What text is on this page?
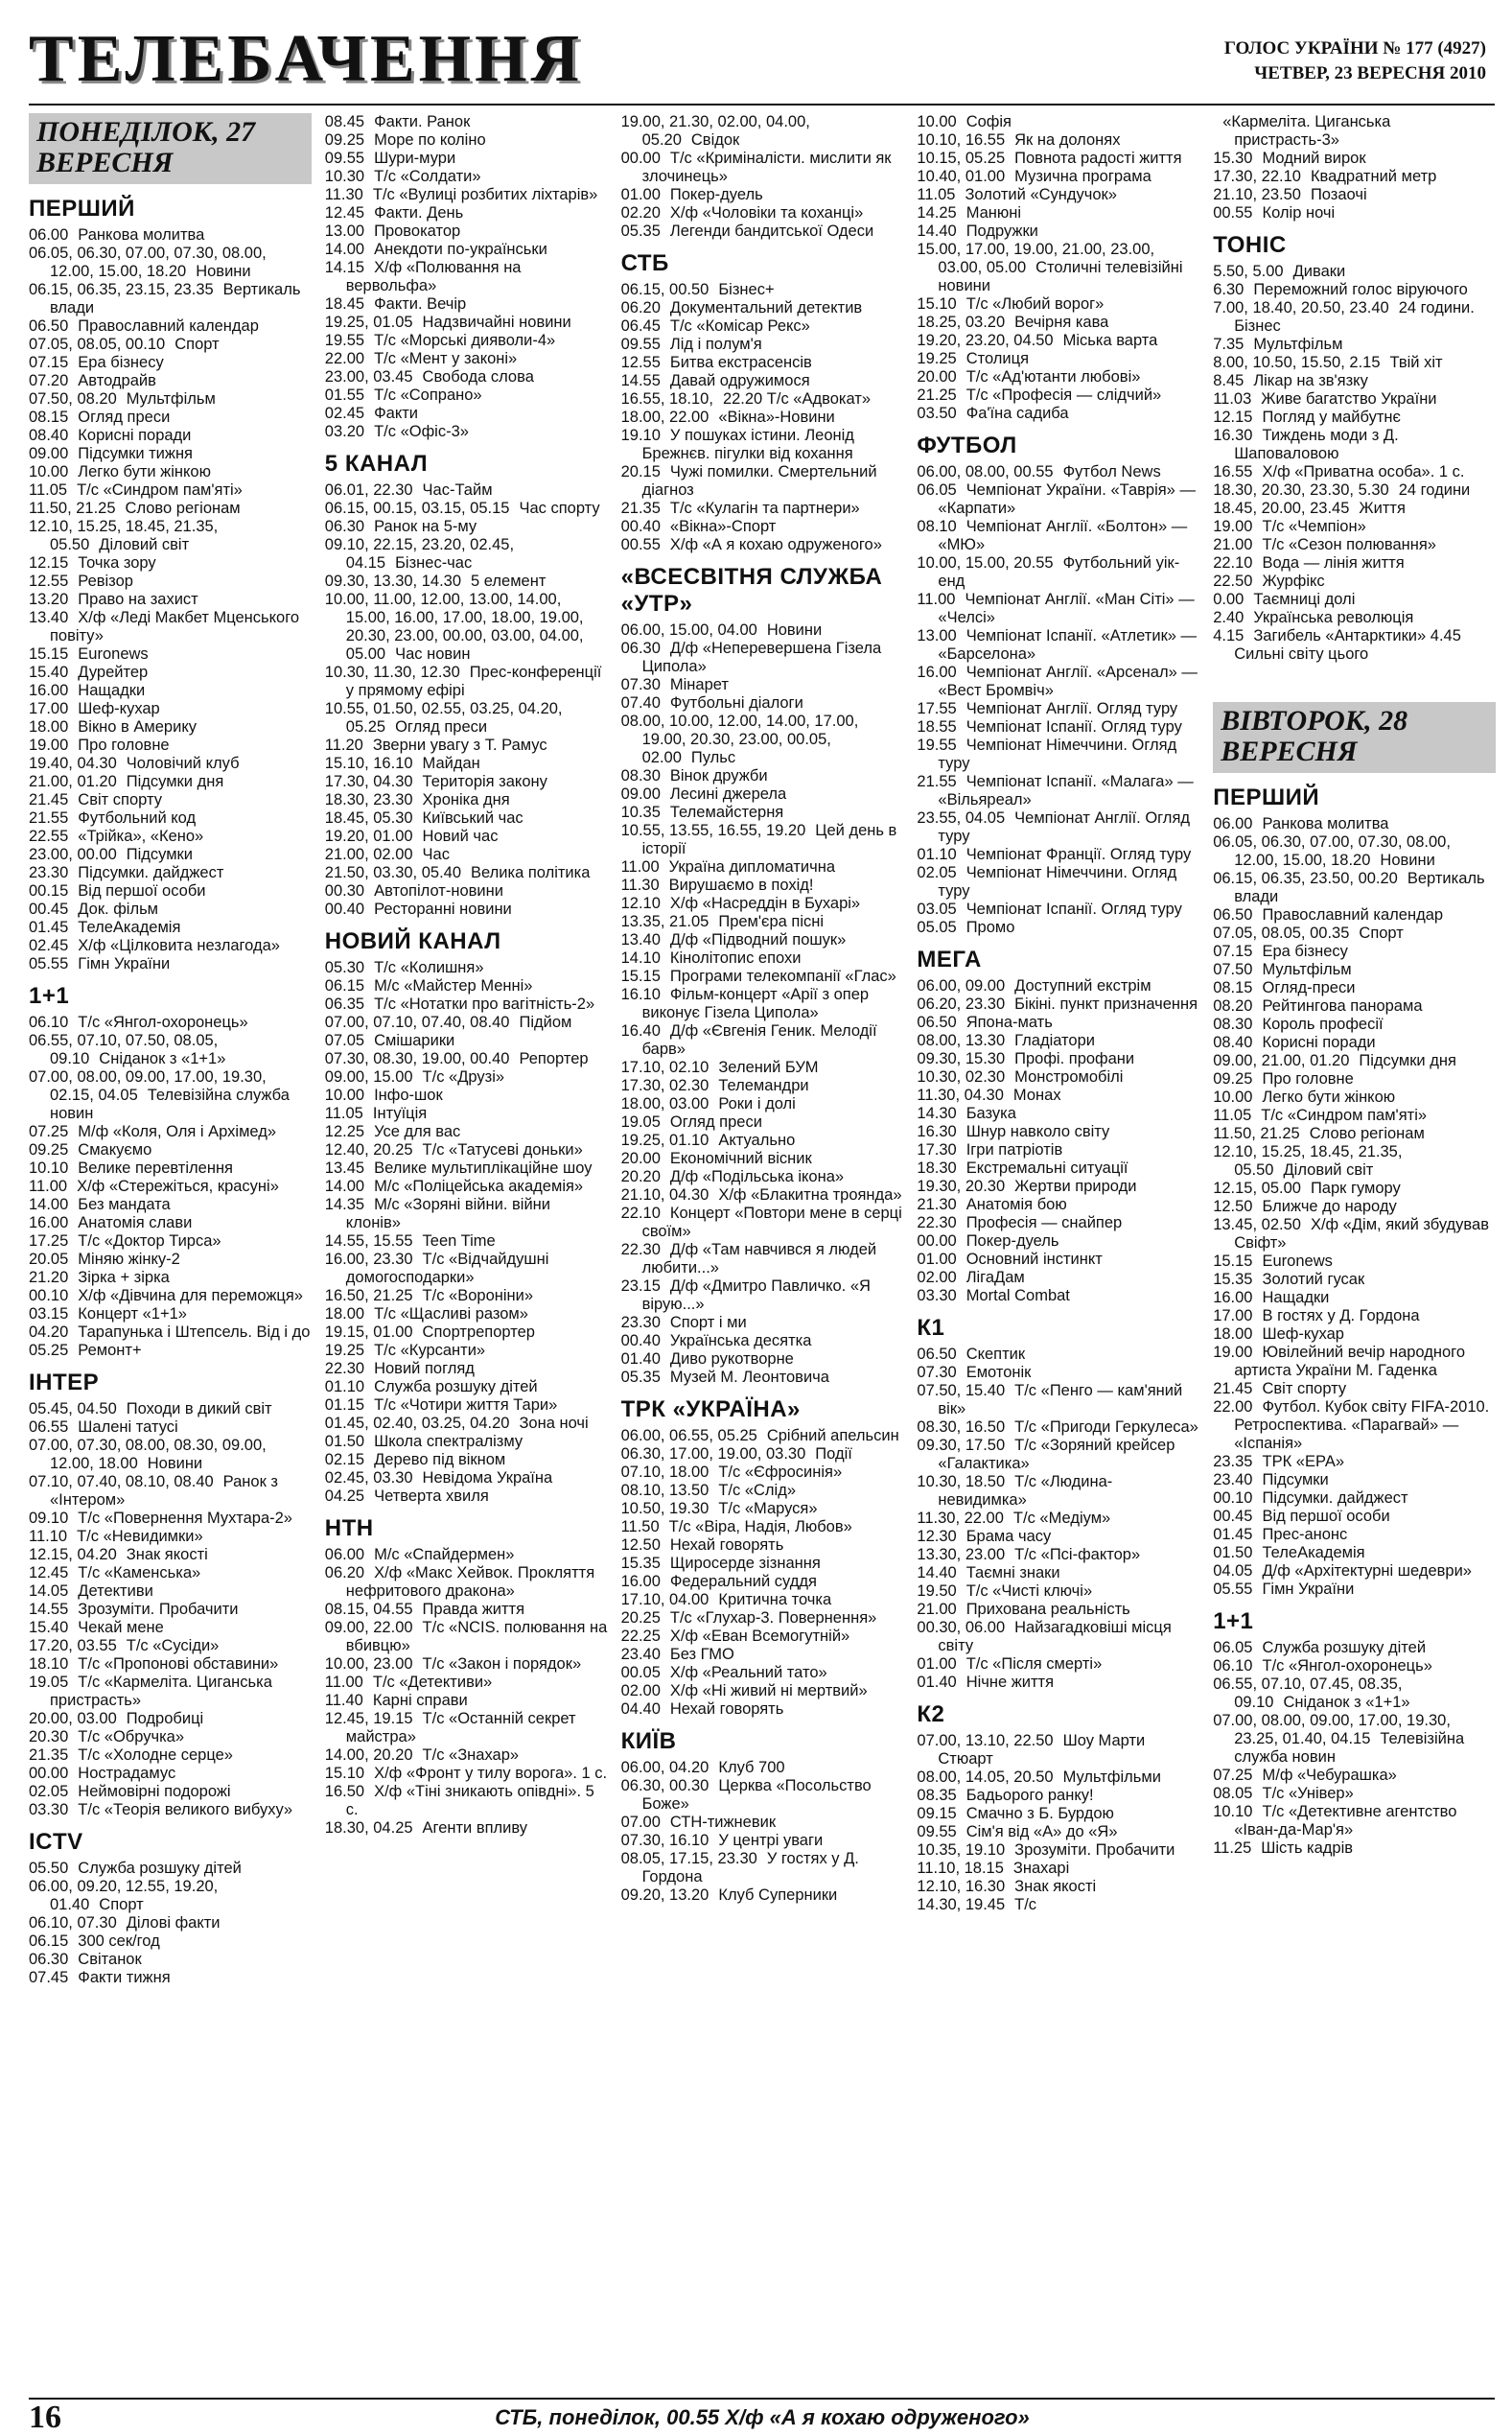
ТЕЛЕБАЧЕННЯ	ГОЛОС УКРАЇНИ № 177 (4927)
ЧЕТВЕР, 23 ВЕРЕСНЯ 2010
ПОНЕДІЛОК, 27 ВЕРЕСНЯ
ПЕРШИЙ

06.00 Ранкова молитва

06.05, 06.30, 07.00, 07.30, 08.00, 12.00, 15.00, 18.20 Новини

06.15, 06.35, 23.15, 23.35 Вертикаль влади

06.50 Православний календар

07.05, 08.05, 00.10 Спорт

07.15 Ера бізнесу

07.20 Автодрайв

07.50, 08.20 Мультфільм

08.15 Огляд преси

08.40 Корисні поради

09.00 Підсумки тижня

10.00 Легко бути жінкою

11.05 Т/с «Синдром пам'яті»

11.50, 21.25 Слово регіонам

12.10, 15.25, 18.45, 21.35, 05.50 Діловий світ

12.15 Точка зору

12.55 Ревізор

13.20 Право на захист

13.40 Х/ф «Леді Макбет Мценського повіту»

15.15 Euronews

15.40 Дурейтер

16.00 Нащадки

17.00 Шеф-кухар

18.00 Вікно в Америку

19.00 Про головне

19.40, 04.30 Чоловічий клуб

21.00, 01.20 Підсумки дня

21.45 Світ спорту

21.55 Футбольний код

22.55 «Трійка», «Кено»

23.00, 00.00 Підсумки

23.30 Підсумки. дайджест

00.15 Від першої особи

00.45 Док. фільм

01.45 ТелеАкадемія

02.45 Х/ф «Цілковита незлагода»

05.55 Гімн України

1+1

06.10 Т/с «Янгол-охоронець»

06.55, 07.10, 07.50, 08.05, 09.10 Сніданок з «1+1»

07.00, 08.00, 09.00, 17.00, 19.30, 02.15, 04.05 Телевізійна служба новин

07.25 М/ф «Коля, Оля і Архімед»

09.25 Смакуємо

10.10 Велике перевтілення

11.00 Х/ф «Стережіться, красуні»

14.00 Без мандата

16.00 Анатомія слави

17.25 Т/с «Доктор Тирса»

20.05 Міняю жінку-2

21.20 Зірка + зірка

00.10 Х/ф «Дівчина для переможця»

03.15 Концерт «1+1»

04.20 Тарапунька і Штепсель. Від і до

05.25 Ремонт+

ІНТЕР

05.45, 04.50 Походи в дикий світ

06.55 Шалені татусі

07.00, 07.30, 08.00, 08.30, 09.00, 12.00, 18.00 Новини

07.10, 07.40, 08.10, 08.40 Ранок з «Інтером»

09.10 Т/с «Повернення Мухтара-2»

11.10 Т/с «Невидимки»

12.15, 04.20 Знак якості

12.45 Т/с «Каменська»

14.05 Детективи

14.55 Зрозуміти. Пробачити

15.40 Чекай мене

17.20, 03.55 Т/с «Сусіди»

18.10 Т/с «Пропонові обставини»

19.05 Т/с «Кармеліта. Циганська пристрасть»

20.00, 03.00 Подробиці

20.30 Т/с «Обручка»

21.35 Т/с «Холодне серце»

00.00 Нострадамус

02.05 Неймовірні подорожі

03.30 Т/с «Теорія великого вибуху»

ICTV

05.50 Служба розшуку дітей

06.00, 09.20, 12.55, 19.20, 01.40 Спорт

06.10, 07.30 Ділові факти

06.15 300 сек/год

06.30 Світанок

07.45 Факти тижня

08.45 Факти. Ранок

09.25 Море по коліно

09.55 Шури-мури

10.30 Т/с «Солдати»

11.30 Т/с «Вулиці розбитих ліхтарів»

12.45 Факти. День

13.00 Провокатор

14.00 Анекдоти по-українськи

14.15 Х/ф «Полювання на вервольфа»

18.45 Факти. Вечір

19.25, 01.05 Надзвичайні новини

19.55 Т/с «Морські дияволи-4»

22.00 Т/с «Мент у законі»

23.00, 03.45 Свобода слова

01.55 Т/с «Сопрано»

02.45 Факти

03.20 Т/с «Офіс-3»

5 КАНАЛ

06.01, 22.30 Час-Тайм

06.15, 00.15, 03.15, 05.15 Час спорту

06.30 Ранок на 5-му

09.10, 22.15, 23.20, 02.45, 04.15 Бізнес-час

09.30, 13.30, 14.30 5 елемент

10.00, 11.00, 12.00, 13.00, 14.00, 15.00, 16.00, 17.00, 18.00, 19.00, 20.30, 23.00, 00.00, 03.00, 04.00, 05.00 Час новин

10.30, 11.30, 12.30 Прес-конференції у прямому ефірі

10.55, 01.50, 02.55, 03.25, 04.20, 05.25 Огляд преси

11.20 Зверни увагу з Т. Рамус

15.10, 16.10 Майдан

17.30, 04.30 Територія закону

18.30, 23.30 Хроніка дня

18.45, 05.30 Київський час

19.20, 01.00 Новий час

21.00, 02.00 Час

21.50, 03.30, 05.40 Велика політика

00.30 Автопілот-новини

00.40 Ресторанні новини

НОВИЙ КАНАЛ

05.30 Т/с «Колишня»

06.15 М/с «Майстер Менні»

06.35 Т/с «Нотатки про вагітність-2»

07.00, 07.10, 07.40, 08.40 Підйом

07.05 Смішарики

07.30, 08.30, 19.00, 00.40 Репортер

09.00, 15.00 Т/с «Друзі»

10.00 Інфо-шок

11.05 Інтуїція

12.25 Усе для вас

12.40, 20.25 Т/с «Татусеві доньки»

13.45 Велике мультиплікаційне шоу

14.00 М/с «Поліцейська академія»

14.35 М/с «Зоряні війни. війни клонів»

14.55, 15.55 Teen Time

16.00, 23.30 Т/с «Відчайдушні домогосподарки»

16.50, 21.25 Т/с «Вороніни»

18.00 Т/с «Щасливі разом»

19.15, 01.00 Спортрепортер

19.25 Т/с «Курсанти»

22.30 Новий погляд

01.10 Служба розшуку дітей

01.15 Т/с «Чотири життя Тари»

01.45, 02.40, 03.25, 04.20 Зона ночі

01.50 Школа спектралізму

02.15 Дерево під вікном

02.45, 03.30 Невідома Україна

04.25 Четверта хвиля

НТН

06.00 М/с «Спайдермен»

06.20 Х/ф «Макс Хейвок. Прокляття нефритового дракона»

08.15, 04.55 Правда життя

09.00, 22.00 Т/с «NCIS. полювання на вбивцю»

10.00, 23.00 Т/с «Закон і порядок»

11.00 Т/с «Детективи»

11.40 Карні справи

12.45, 19.15 Т/с «Останній секрет майстра»

14.00, 20.20 Т/с «Знахар»

15.10 Х/ф «Фронт у тилу ворога». 1 с.

16.50 Х/ф «Тіні зникають опівдні». 5 с.

18.30, 04.25 Агенти впливу

19.00, 21.30, 02.00, 04.00, 05.20 Свідок

00.00 Т/с «Криміналісти. мислити як злочинець»

01.00 Покер-дуель

02.20 Х/ф «Чоловіки та коханці»

05.35 Легенди бандитської Одеси

СТБ

06.15, 00.50 Бізнес+

06.20 Документальний детектив

06.45 Т/с «Комісар Рекс»

09.55 Лід і полум'я

12.55 Битва екстрасенсів

14.55 Давай одружимося

16.55, 18.10, 22.20 Т/с «Адвокат»

18.00, 22.00 «Вікна»-Новини

19.10 У пошуках істини. Леонід Брежнєв. пігулки від кохання

20.15 Чужі помилки. Смертельний діагноз

21.35 Т/с «Кулагін та партнери»

00.40 «Вікна»-Спорт

00.55 Х/ф «А я кохаю одруженого»

«ВСЕСВІТНЯ СЛУЖБА «УТР»

06.00, 15.00, 04.00 Новини

06.30 Д/ф «Неперевершена Гізела Ципола»

07.30 Мінарет

07.40 Футбольні діалоги

08.00, 10.00, 12.00, 14.00, 17.00, 19.00, 20.30, 23.00, 00.05, 02.00 Пульс

08.30 Вінок дружби

09.00 Лесині джерела

10.35 Телемайстерня

10.55, 13.55, 16.55, 19.20 Цей день в історії

11.00 Україна дипломатична

11.30 Вирушаємо в похід!

12.10 Х/ф «Насреддін в Бухарі»

13.35, 21.05 Прем'єра пісні

13.40 Д/ф «Підводний пошук»

14.10 Кінолітопис епохи

15.15 Програми телекомпанії «Глас»

16.10 Фільм-концерт «Арії з опер виконує Гізела Ципола»

16.40 Д/ф «Євгенія Геник. Мелодії барв»

17.10, 02.10 Зелений БУМ

17.30, 02.30 Телемандри

18.00, 03.00 Роки і долі

19.05 Огляд преси

19.25, 01.10 Актуально

20.00 Економічний вісник

20.20 Д/ф «Подільська ікона»

21.10, 04.30 Х/ф «Блакитна троянда»

22.10 Концерт «Повтори мене в серці своїм»

22.30 Д/ф «Там навчився я людей любити...»

23.15 Д/ф «Дмитро Павличко. «Я вірую...»

23.30 Спорт і ми

00.40 Українська десятка

01.40 Диво рукотворне

05.35 Музей М. Леонтовича

ТРК «УКРАЇНА»

06.00, 06.55, 05.25 Срібний апельсин

06.30, 17.00, 19.00, 03.30 Події

07.10, 18.00 Т/с «Єфросинія»

08.10, 13.50 Т/с «Слід»

10.50, 19.30 Т/с «Маруся»

11.50 Т/с «Віра, Надія, Любов»

12.50 Нехай говорять

15.35 Щиросерде зізнання

16.00 Федеральний суддя

17.10, 04.00 Критична точка

20.25 Т/с «Глухар-3. Повернення»

22.25 Х/ф «Еван Всемогутній»

23.40 Без ГМО

00.05 Х/ф «Реальний тато»

02.00 Х/ф «Ні живий ні мертвий»

04.40 Нехай говорять

КИЇВ

06.00, 04.20 Клуб 700

06.30, 00.30 Церква «Посольство Боже»

07.00 СТН-тижневик

07.30, 16.10 У центрі уваги

08.05, 17.15, 23.30 У гостях у Д. Гордона

09.20, 13.20 Клуб Суперники

10.00 Софія

10.10, 16.55 Як на долонях

10.15, 05.25 Повнота радості життя

10.40, 01.00 Музична програма

11.05 Золотий «Сундучок»

14.25 Манюні

14.40 Подружки

15.00, 17.00, 19.00, 21.00, 23.00, 03.00, 05.00 Столичні телевізійні новини

15.10 Т/с «Любий ворог»

18.25, 03.20 Вечірня кава

19.20, 23.20, 04.50 Міська варта

19.25 Столиця

20.00 Т/с «Ад'ютанти любові»

21.25 Т/с «Професія — слідчий»

03.50 Фа'їна садиба

ФУТБОЛ

06.00, 08.00, 00.55 Футбол News

06.05 Чемпіонат України. «Таврія» — «Карпати»

08.10 Чемпіонат Англії. «Болтон» — «МЮ»

10.00, 15.00, 20.55 Футбольний уік-енд

11.00 Чемпіонат Англії. «Ман Сіті» — «Челсі»

13.00 Чемпіонат Іспанії. «Атлетик» — «Барселона»

16.00 Чемпіонат Англії. «Арсенал» — «Вест Бромвіч»

17.55 Чемпіонат Англії. Огляд туру

18.55 Чемпіонат Іспанії. Огляд туру

19.55 Чемпіонат Німеччини. Огляд туру

21.55 Чемпіонат Іспанії. «Малага» — «Вільяреал»

23.55, 04.05 Чемпіонат Англії. Огляд туру

01.10 Чемпіонат Франції. Огляд туру

02.05 Чемпіонат Німеччини. Огляд туру

03.05 Чемпіонат Іспанії. Огляд туру

05.05 Промо

МЕГА

06.00, 09.00 Доступний екстрім

06.20, 23.30 Бікіні. пункт призначення

06.50 Япона-мать

08.00, 13.30 Гладіатори

09.30, 15.30 Профі. профани

10.30, 02.30 Монстромобілі

11.30, 04.30 Монах

14.30 Базука

16.30 Шнур навколо світу

17.30 Ігри патріотів

18.30 Екстремальні ситуації

19.30, 20.30 Жертви природи

21.30 Анатомія бою

22.30 Професія — снайпер

00.00 Покер-дуель

01.00 Основний інстинкт

02.00 ЛігаДам

03.30 Mortal Combat

К1

06.50 Скептик

07.30 Емотонік

07.50, 15.40 Т/с «Пенго — кам'яний вік»

08.30, 16.50 Т/с «Пригоди Геркулеса»

09.30, 17.50 Т/с «Зоряний крейсер «Галактика»

10.30, 18.50 Т/с «Людина-невидимка»

11.30, 22.00 Т/с «Медіум»

12.30 Брама часу

13.30, 23.00 Т/с «Псі-фактор»

14.40 Таємні знаки

19.50 Т/с «Чисті ключі»

21.00 Прихована реальність

00.30, 06.00 Найзагадковіші місця світу

01.00 Т/с «Після смерті»

01.40 Нічне життя

К2

07.00, 13.10, 22.50 Шоу Марти Стюарт

08.00, 14.05, 20.50 Мультфільми

08.35 Бадьорого ранку!

09.15 Смачно з Б. Бурдою

09.55 Сім'я від «А» до «Я»

10.35, 19.10 Зрозуміти. Пробачити

11.10, 18.15 Знахарі

12.10, 16.30 Знак якості

14.30, 19.45 Т/с

«Кармеліта. Циганська пристрасть-3»

15.30 Модний вирок

17.30, 22.10 Квадратний метр

21.10, 23.50 Позаочі

00.55 Колір ночі

ТОНІС

5.50, 5.00 Диваки

6.30 Переможний голос віруючого

7.00, 18.40, 20.50, 23.40 24 години. Бізнес

7.35 Мультфільм

8.00, 10.50, 15.50, 2.15 Твій хіт

8.45 Лікар на зв'язку

11.03 Живе багатство України

12.15 Погляд у майбутнє

16.30 Тиждень моди з Д. Шаповаловою

16.55 Х/ф «Приватна особа». 1 с.

18.30, 20.30, 23.30, 5.30 24 години

18.45, 20.00, 23.45 Життя

19.00 Т/с «Чемпіон»

21.00 Т/с «Сезон полювання»

22.10 Вода — лінія життя

22.50 Журфікс

0.00 Таємниці долі

2.40 Українська революція

4.15 Загибель «Антарктики» 4.45 Сильні світу цього

ВІВТОРОК, 28 ВЕРЕСНЯ
ПЕРШИЙ

06.00 Ранкова молитва

06.05, 06.30, 07.00, 07.30, 08.00, 12.00, 15.00, 18.20 Новини

06.15, 06.35, 23.50, 00.20 Вертикаль влади

06.50 Православний календар

07.05, 08.05, 00.35 Спорт

07.15 Ера бізнесу

07.50 Мультфільм

08.15 Огляд-преси

08.20 Рейтингова панорама

08.30 Король професії

08.40 Корисні поради

09.00, 21.00, 01.20 Підсумки дня

09.25 Про головне

10.00 Легко бути жінкою

11.05 Т/с «Синдром пам'яті»

11.50, 21.25 Слово регіонам

12.10, 15.25, 18.45, 21.35, 05.50 Діловий світ

12.15, 05.00 Парк гумору

12.50 Ближче до народу

13.45, 02.50 Х/ф «Дім, який збудував Свіфт»

15.15 Euronews

15.35 Золотий гусак

16.00 Нащадки

17.00 В гостях у Д. Гордона

18.00 Шеф-кухар

19.00 Ювілейний вечір народного артиста України М. Гаденка

21.45 Світ спорту

22.00 Футбол. Кубок світу FIFA-2010. Ретроспектива. «Парагвай» — «Іспанія»

23.35 ТРК «ЕРА»

23.40 Підсумки

00.10 Підсумки. дайджест

00.45 Від першої особи

01.45 Прес-анонс

01.50 ТелеАкадемія

04.05 Д/ф «Архітектурні шедеври»

05.55 Гімн України

1+1

06.05 Служба розшуку дітей

06.10 Т/с «Янгол-охоронець»

06.55, 07.10, 07.45, 08.35, 09.10 Сніданок з «1+1»

07.00, 08.00, 09.00, 17.00, 19.30, 23.25, 01.40, 04.15 Телевізійна служба новин

07.25 М/ф «Чебурашка»

08.05 Т/с «Універ»

10.10 Т/с «Детективне агентство «Іван-да-Мар'я»

11.25 Шість кадрів

16	СТБ, понеділок, 00.55 Х/ф «А я кохаю одруженого»
